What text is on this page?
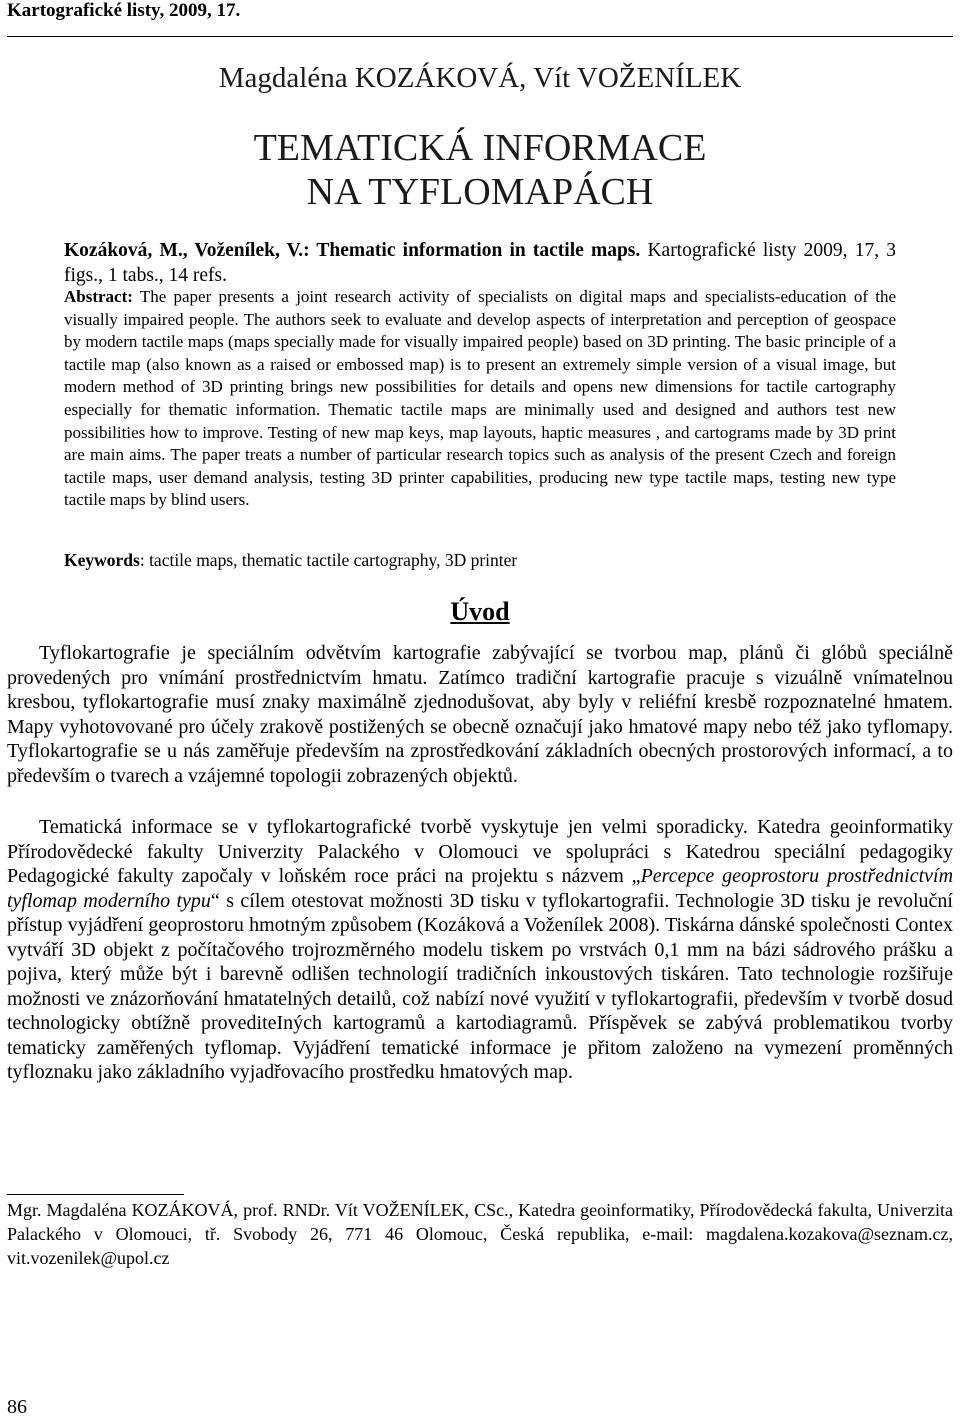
Kartografické listy, 2009, 17.
Magdaléna KOZÁKOVÁ, Vít VOŽENÍLEK
TEMATICKÁ INFORMACE
NA TYFLOMAPÁCH
Kozáková, M., Voženílek, V.: Thematic information in tactile maps. Kartografické listy 2009, 17, 3 figs., 1 tabs., 14 refs.
Abstract: The paper presents a joint research activity of specialists on digital maps and specialists-education of the visually impaired people. The authors seek to evaluate and develop aspects of interpretation and perception of geospace by modern tactile maps (maps specially made for visually impaired people) based on 3D printing. The basic principle of a tactile map (also known as a raised or embossed map) is to present an extremely simple version of a visual image, but modern method of 3D printing brings new possibilities for details and opens new dimensions for tactile cartography especially for thematic information. Thematic tactile maps are minimally used and designed and authors test new possibilities how to improve. Testing of new map keys, map layouts, haptic measures , and cartograms made by 3D print are main aims. The paper treats a number of particular research topics such as analysis of the present Czech and foreign tactile maps, user demand analysis, testing 3D printer capabilities, producing new type tactile maps, testing new type tactile maps by blind users.
Keywords: tactile maps, thematic tactile cartography, 3D printer
Úvod
Tyflokartografie je speciálním odvětvím kartografie zabývající se tvorbou map, plánů či glóbů speciálně provedených pro vnímání prostřednictvím hmatu. Zatímco tradiční kartografie pracuje s vizuálně vnímatelnou kresbou, tyflokartografie musí znaky maximálně zjednodušovat, aby byly v reliéfní kresbě rozpoznatelné hmatem. Mapy vyhotovované pro účely zrakově postižených se obecně označují jako hmatové mapy nebo též jako tyflomapy. Tyflokartografie se u nás zaměřuje především na zprostředkování základních obecných prostorových informací, a to především o tvarech a vzájemné topologii zobrazených objektů.
Tematická informace se v tyflokartografické tvorbě vyskytuje jen velmi sporadicky. Katedra geoinformatiky Přírodovědecké fakulty Univerzity Palackého v Olomouci ve spolupráci s Katedrou speciální pedagogiky Pedagogické fakulty započaly v loňském roce práci na projektu s názvem „Percepce geoprostoru prostřednictvím tyflomap moderního typu“ s cílem otestovat možnosti 3D tisku v tyflokartografii. Technologie 3D tisku je revoluční přístup vyjádření geoprostoru hmotným způsobem (Kozáková a Voženílek 2008). Tiskárna dánské společnosti Contex vytváří 3D objekt z počítačového trojrozměrného modelu tiskem po vrstvách 0,1 mm na bázi sádrového prášku a pojiva, který může být i barevně odlišen technologií tradičních inkoustových tiskáren. Tato technologie rozšiřuje možnosti ve znázorňování hmatatelných detailů, což nabízí nové využití v tyflokartografii, především v tvorbě dosud technologicky obtížně provediteIných kartogramů a kartodiagramů. Příspěvek se zabývá problematikou tvorby tematicky zaměřených tyflomap. Vyjádření tematické informace je přitom založeno na vymezení proměnných tyfloznaku jako základního vyjadřovacího prostředku hmatových map.
Mgr. Magdaléna KOZÁKOVÁ, prof. RNDr. Vít VOŽENÍLEK, CSc., Katedra geoinformatiky, Přírodovědecká fakulta, Univerzita Palackého v Olomouci, tř. Svobody 26, 771 46 Olomouc, Česká republika, e-mail: magdalena.kozakova@seznam.cz, vit.vozenilek@upol.cz
86
